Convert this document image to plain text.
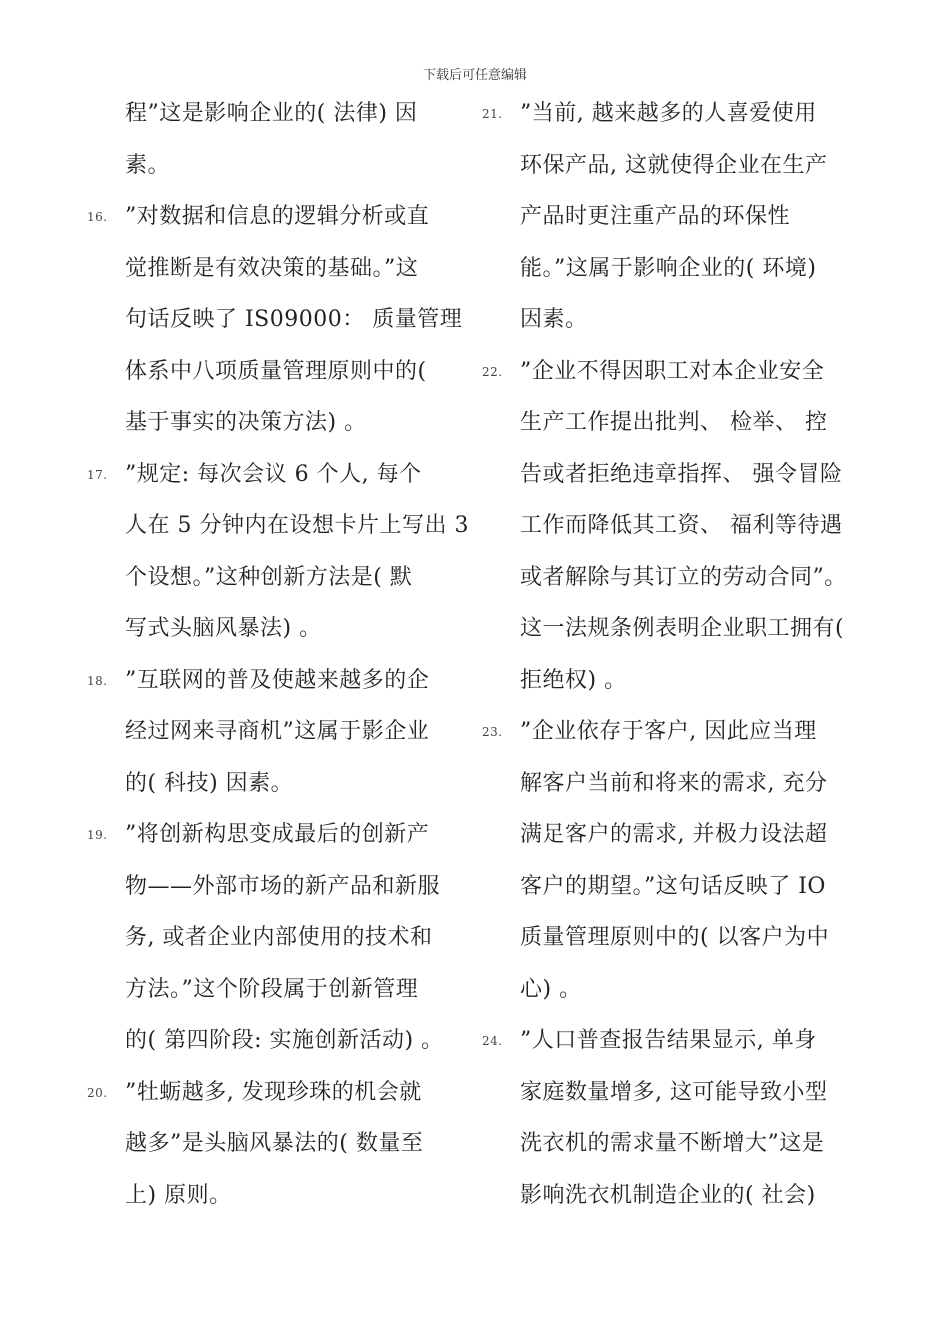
下载后可任意编辑
程”这是影响企业的( 法律) 因
素。
16. ”对数据和信息的逻辑分析或直
觉推断是有效决策的基础。”这
句话反映了 IS09000： 质量管理
体系中八项质量管理原则中的(
基于事实的决策方法) 。
17. ”规定: 每次会议 6 个人, 每个
人在 5 分钟内在设想卡片上写出 3
个设想。”这种创新方法是( 默
写式头脑风暴法) 。
18. ”互联网的普及使越来越多的企
经过网来寻商机”这属于影企业
的( 科技) 因素。
19. ”将创新构思变成最后的创新产
物——外部市场的新产品和新服
务, 或者企业内部使用的技术和
方法。”这个阶段属于创新管理
的( 第四阶段: 实施创新活动) 。
20. ”牡蛎越多, 发现珍珠的机会就
越多”是头脑风暴法的( 数量至
上) 原则。
21. ”当前, 越来越多的人喜爱使用
环保产品, 这就使得企业在生产
产品时更注重产品的环保性
能。”这属于影响企业的( 环境)
因素。
22. ”企业不得因职工对本企业安全
生产工作提出批判、 检举、 控
告或者拒绝违章指挥、 强令冒险
工作而降低其工资、 福利等待遇
或者解除与其订立的劳动合同”。
这一法规条例表明企业职工拥有(
拒绝权) 。
23. ”企业依存于客户, 因此应当理
解客户当前和将来的需求, 充分
满足客户的需求, 并极力设法超
客户的期望。”这句话反映了 IO
质量管理原则中的( 以客户为中
心) 。
24. ”人口普查报告结果显示, 单身
家庭数量增多, 这可能导致小型
洗衣机的需求量不断增大”这是
影响洗衣机制造企业的( 社会)
